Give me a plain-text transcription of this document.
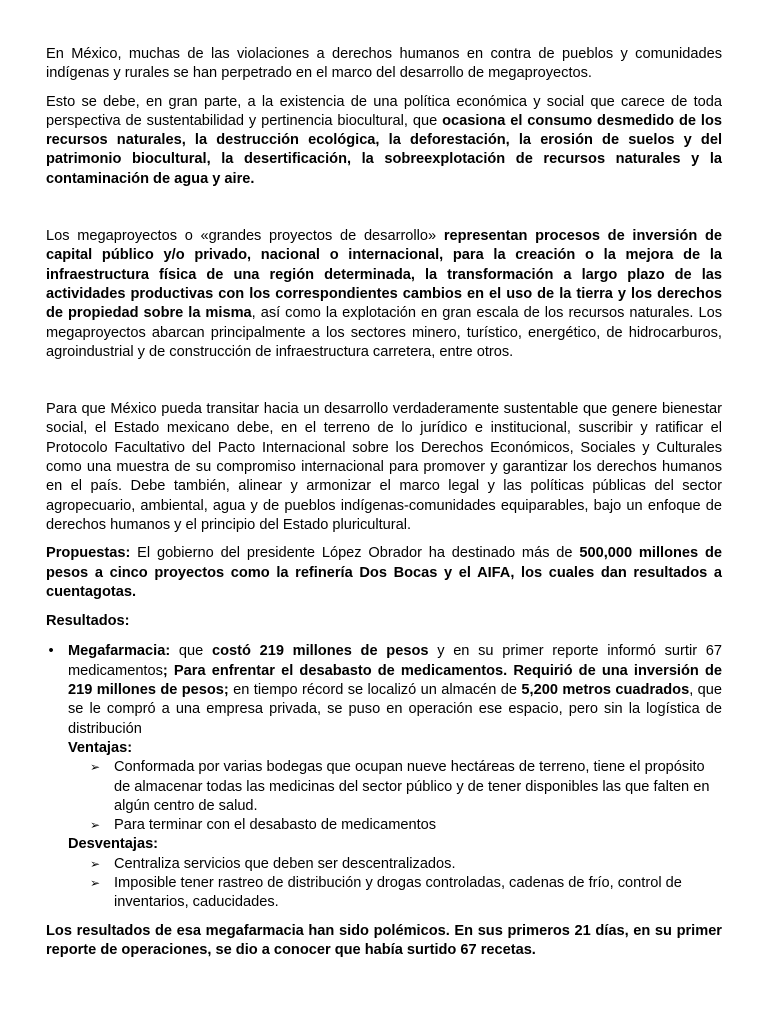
En México, muchas de las violaciones a derechos humanos en contra de pueblos y comunidades indígenas y rurales se han perpetrado en el marco del desarrollo de megaproyectos.

Esto se debe, en gran parte, a la existencia de una política económica y social que carece de toda perspectiva de sustentabilidad y pertinencia biocultural, que ocasiona el consumo desmedido de los recursos naturales, la destrucción ecológica, la deforestación, la erosión de suelos y del patrimonio biocultural, la desertificación, la sobreexplotación de recursos naturales y la contaminación de agua y aire.

Los megaproyectos o «grandes proyectos de desarrollo» representan procesos de inversión de capital público y/o privado, nacional o internacional, para la creación o la mejora de la infraestructura física de una región determinada, la transformación a largo plazo de las actividades productivas con los correspondientes cambios en el uso de la tierra y los derechos de propiedad sobre la misma, así como la explotación en gran escala de los recursos naturales. Los megaproyectos abarcan principalmente a los sectores minero, turístico, energético, de hidrocarburos, agroindustrial y de construcción de infraestructura carretera, entre otros.

Para que México pueda transitar hacia un desarrollo verdaderamente sustentable que genere bienestar social, el Estado mexicano debe, en el terreno de lo jurídico e institucional, suscribir y ratificar el Protocolo Facultativo del Pacto Internacional sobre los Derechos Económicos, Sociales y Culturales como una muestra de su compromiso internacional para promover y garantizar los derechos humanos en el país. Debe también, alinear y armonizar el marco legal y las políticas públicas del sector agropecuario, ambiental, agua y de pueblos indígenas-comunidades equiparables, bajo un enfoque de derechos humanos y el principio del Estado pluricultural.

Propuestas: El gobierno del presidente López Obrador ha destinado más de 500,000 millones de pesos a cinco proyectos como la refinería Dos Bocas y el AIFA, los cuales dan resultados a cuentagotas.

Resultados:

• Megafarmacia: que costó 219 millones de pesos y en su primer reporte informó surtir 67 medicamentos; Para enfrentar el desabasto de medicamentos. Requirió de una inversión de 219 millones de pesos; en tiempo récord se localizó un almacén de 5,200 metros cuadrados, que se le compró a una empresa privada, se puso en operación ese espacio, pero sin la logística de distribución

Ventajas:

➢ Conformada por varias bodegas que ocupan nueve hectáreas de terreno, tiene el propósito de almacenar todas las medicinas del sector público y de tener disponibles las que falten en algún centro de salud.
➢ Para terminar con el desabasto de medicamentos

Desventajas:

➢ Centraliza servicios que deben ser descentralizados.
➢ Imposible tener rastreo de distribución y drogas controladas, cadenas de frío, control de inventarios, caducidades.

Los resultados de esa megafarmacia han sido polémicos. En sus primeros 21 días, en su primer reporte de operaciones, se dio a conocer que había surtido 67 recetas.
